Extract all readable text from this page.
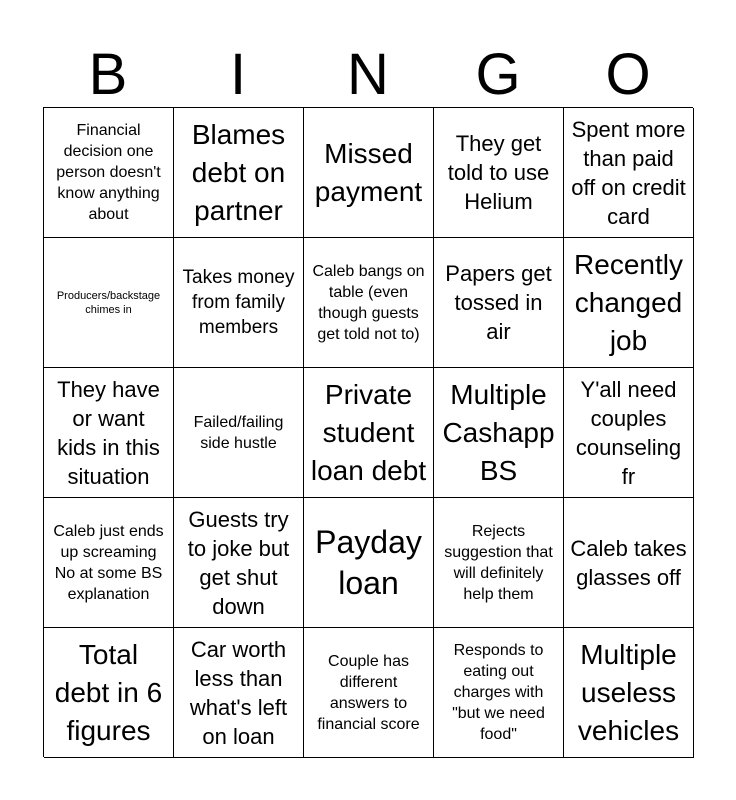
B	I	N	G	O
Financial decision one person doesn't know anything about
Blames debt on partner
Missed payment
They get told to use Helium
Spent more than paid off on credit card
Producers/backstage chimes in
Takes money from family members
Caleb bangs on table (even though guests get told not to)
Papers get tossed in air
Recently changed job
They have or want kids in this situation
Failed/failing side hustle
Private student loan debt
Multiple Cashapp BS
Y'all need couples counseling fr
Caleb just ends up screaming No at some BS explanation
Guests try to joke but get shut down
Payday loan
Rejects suggestion that will definitely help them
Caleb takes glasses off
Total debt in 6 figures
Car worth less than what's left on loan
Couple has different answers to financial score
Responds to eating out charges with "but we need food"
Multiple useless vehicles
